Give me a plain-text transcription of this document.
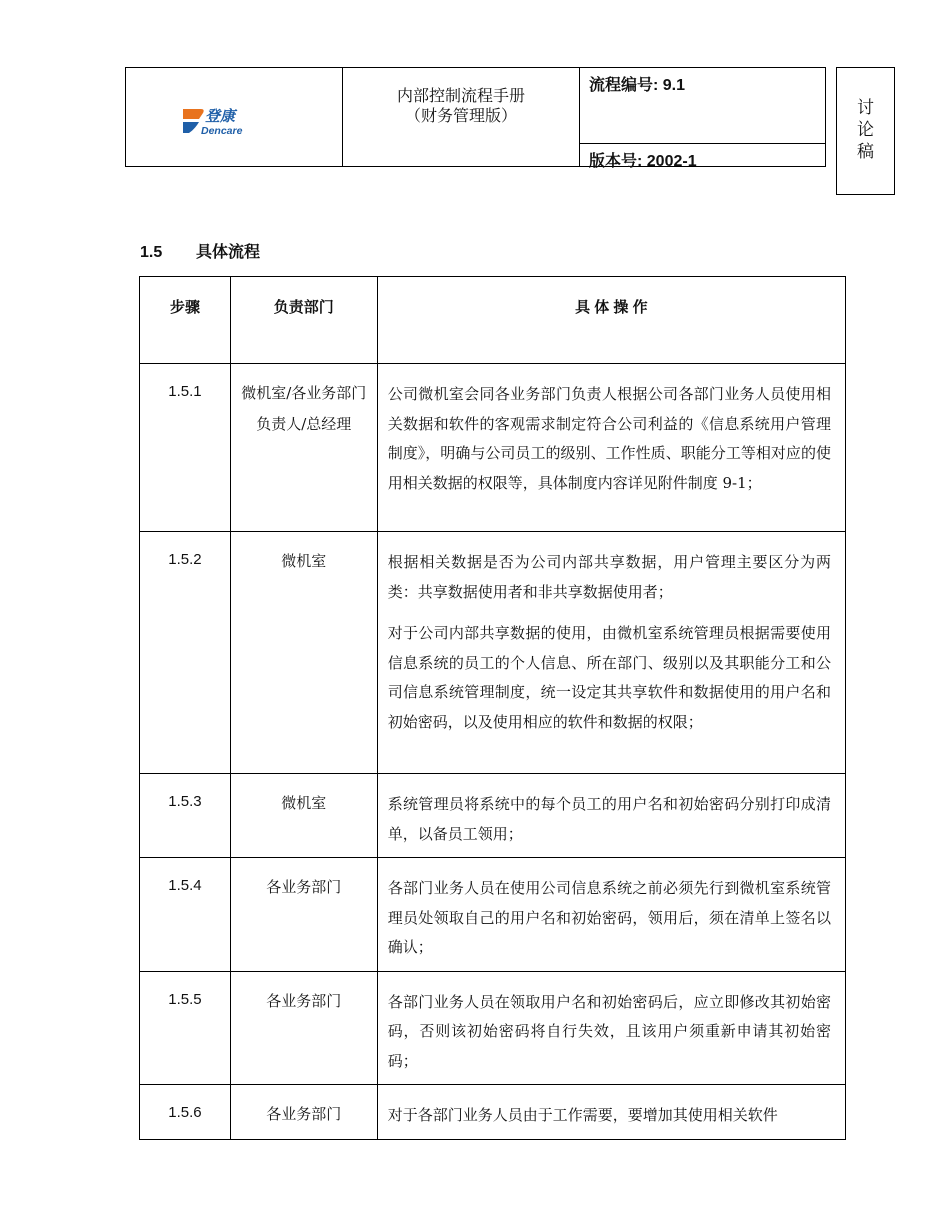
登康
Dencare
内部控制流程手册
（财务管理版）
流程编号: 9.1
版本号: 2002-1
讨
论
稿
1.5 具体流程
步骤	负责部门	具 体 操 作
1.5.1	微机室/各业务部门负责人/总经理	公司微机室会同各业务部门负责人根据公司各部门业务人员使用相关数据和软件的客观需求制定符合公司利益的《信息系统用户管理制度》，明确与公司员工的级别、工作性质、职能分工等相对应的使用相关数据的权限等，具体制度内容详见附件制度 9-1；

1.5.2	微机室	根据相关数据是否为公司内部共享数据，用户管理主要区分为两类：共享数据使用者和非共享数据使用者；

对于公司内部共享数据的使用，由微机室系统管理员根据需要使用信息系统的员工的个人信息、所在部门、级别以及其职能分工和公司信息系统管理制度，统一设定其共享软件和数据使用的用户名和初始密码，以及使用相应的软件和数据的权限；

1.5.3	微机室	系统管理员将系统中的每个员工的用户名和初始密码分别打印成清单，以备员工领用；

1.5.4	各业务部门	各部门业务人员在使用公司信息系统之前必须先行到微机室系统管理员处领取自己的用户名和初始密码，领用后，须在清单上签名以确认；

1.5.5	各业务部门	各部门业务人员在领取用户名和初始密码后，应立即修改其初始密码，否则该初始密码将自行失效，且该用户须重新申请其初始密码；

1.5.6	各业务部门	对于各部门业务人员由于工作需要，要增加其使用相关软件
